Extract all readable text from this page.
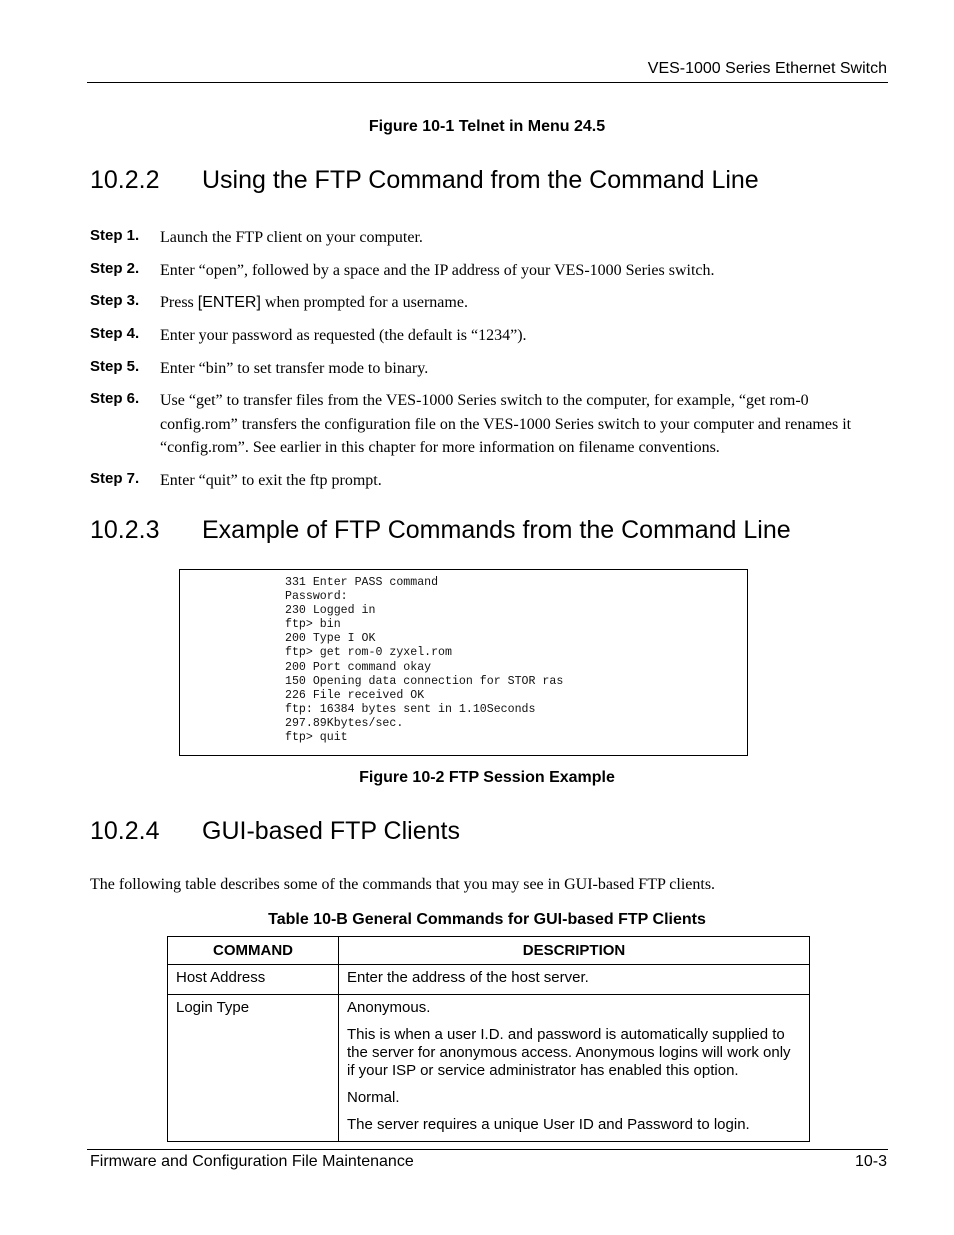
VES-1000 Series Ethernet Switch
Figure 10-1 Telnet in Menu 24.5
10.2.2 Using the FTP Command from the Command Line
Step 1. Launch the FTP client on your computer.
Step 2. Enter “open”, followed by a space and the IP address of your VES-1000 Series switch.
Step 3. Press [ENTER] when prompted for a username.
Step 4. Enter your password as requested (the default is “1234”).
Step 5. Enter “bin” to set transfer mode to binary.
Step 6. Use “get” to transfer files from the VES-1000 Series switch to the computer, for example, “get rom-0 config.rom” transfers the configuration file on the VES-1000 Series switch to your computer and renames it “config.rom”. See earlier in this chapter for more information on filename conventions.
Step 7. Enter “quit” to exit the ftp prompt.
10.2.3 Example of FTP Commands from the Command Line
331 Enter PASS command
Password:
230 Logged in
ftp> bin
200 Type I OK
ftp> get rom-0 zyxel.rom
200 Port command okay
150 Opening data connection for STOR ras
226 File received OK
ftp: 16384 bytes sent in 1.10Seconds
297.89Kbytes/sec.
ftp> quit
Figure 10-2 FTP Session Example
10.2.4 GUI-based FTP Clients
The following table describes some of the commands that you may see in GUI-based FTP clients.
Table 10-B General Commands for GUI-based FTP Clients
COMMAND	DESCRIPTION
Host Address	Enter the address of the host server.

Login Type	Anonymous.

This is when a user I.D. and password is automatically supplied to the server for anonymous access. Anonymous logins will work only if your ISP or service administrator has enabled this option.

Normal.

The server requires a unique User ID and Password to login.

Firmware and Configuration File Maintenance	10-3
